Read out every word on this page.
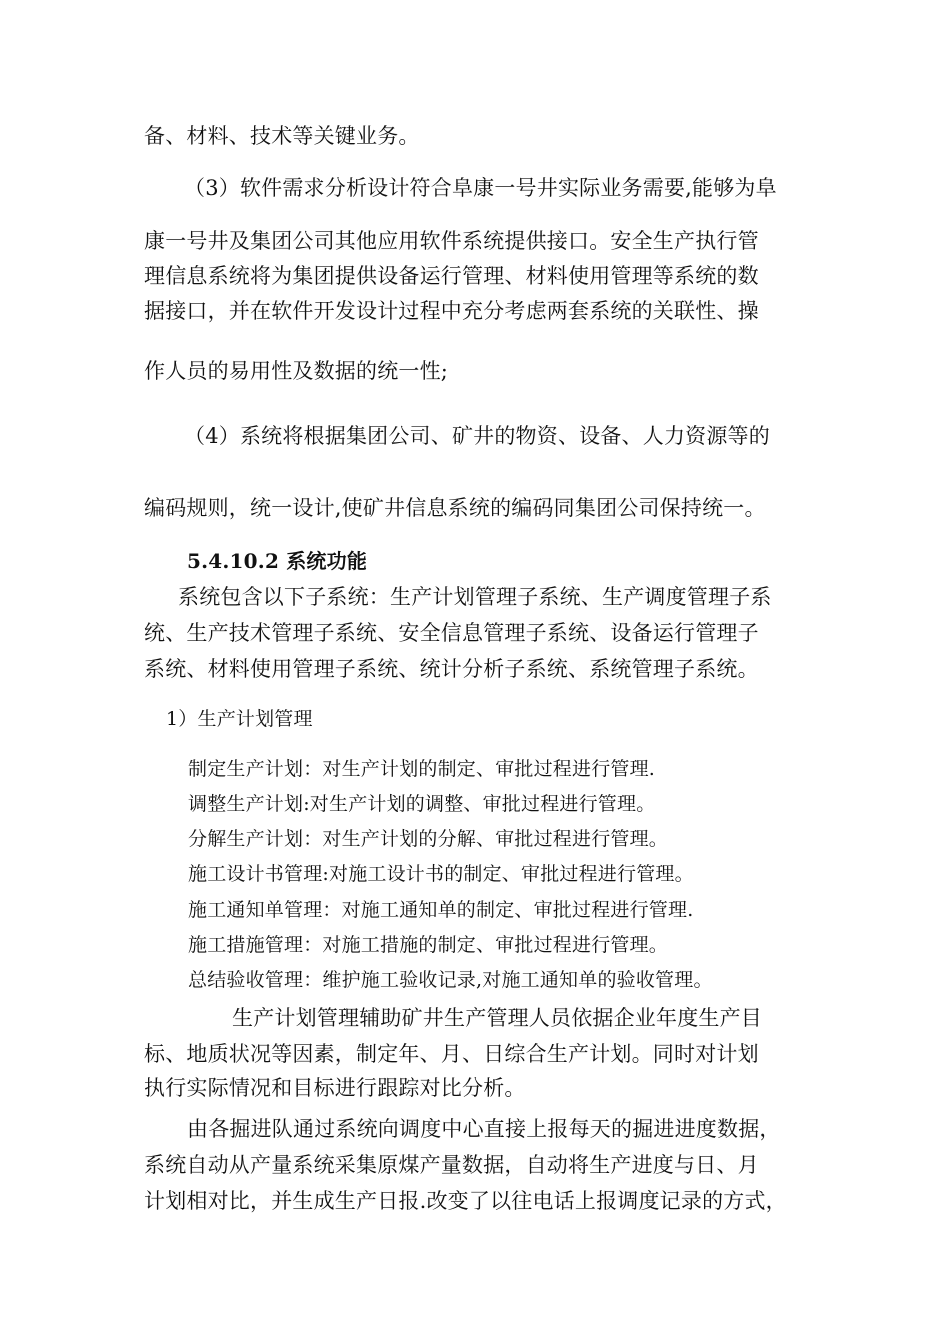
备、材料、技术等关键业务。
（3）软件需求分析设计符合阜康一号井实际业务需要,能够为阜
康一号井及集团公司其他应用软件系统提供接口。安全生产执行管
理信息系统将为集团提供设备运行管理、材料使用管理等系统的数
据接口，并在软件开发设计过程中充分考虑两套系统的关联性、操
作人员的易用性及数据的统一性;
（4）系统将根据集团公司、矿井的物资、设备、人力资源等的
编码规则，统一设计,使矿井信息系统的编码同集团公司保持统一。
5.4.10.2 系统功能
系统包含以下子系统：生产计划管理子系统、生产调度管理子系
统、生产技术管理子系统、安全信息管理子系统、设备运行管理子
系统、材料使用管理子系统、统计分析子系统、系统管理子系统。
1）生产计划管理
制定生产计划：对生产计划的制定、审批过程进行管理.
调整生产计划:对生产计划的调整、审批过程进行管理。
分解生产计划：对生产计划的分解、审批过程进行管理。
施工设计书管理:对施工设计书的制定、审批过程进行管理。
施工通知单管理：对施工通知单的制定、审批过程进行管理.
施工措施管理：对施工措施的制定、审批过程进行管理。
总结验收管理：维护施工验收记录,对施工通知单的验收管理。
生产计划管理辅助矿井生产管理人员依据企业年度生产目
标、地质状况等因素，制定年、月、日综合生产计划。同时对计划
执行实际情况和目标进行跟踪对比分析。
由各掘进队通过系统向调度中心直接上报每天的掘进进度数据，
系统自动从产量系统采集原煤产量数据，自动将生产进度与日、月
计划相对比，并生成生产日报.改变了以往电话上报调度记录的方式，
